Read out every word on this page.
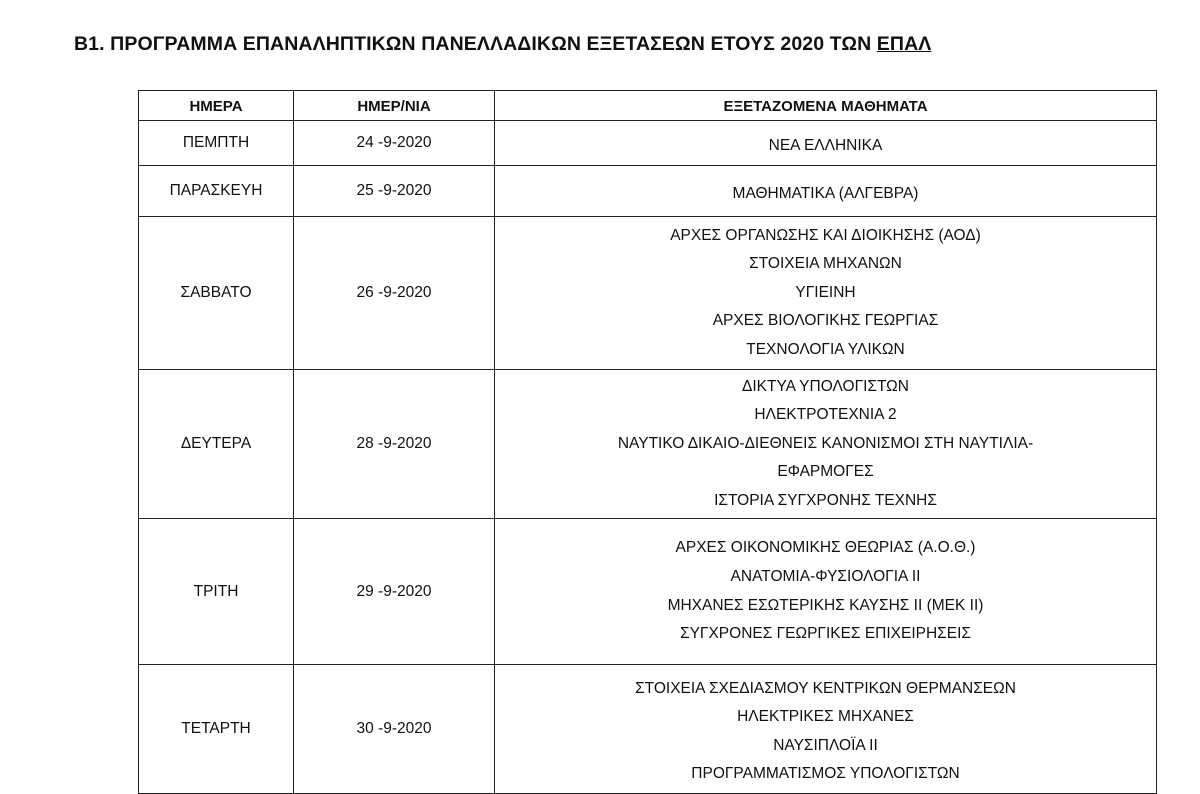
Β1. ΠΡΟΓΡΑΜΜΑ ΕΠΑΝΑΛΗΠΤΙΚΩΝ ΠΑΝΕΛΛΑΔΙΚΩΝ ΕΞΕΤΑΣΕΩΝ ΕΤΟΥΣ 2020 ΤΩΝ ΕΠΑΛ
ΗΜΕΡΑ	ΗΜΕΡ/ΝΙΑ	ΕΞΕΤΑΖΟΜΕΝΑ ΜΑΘΗΜΑΤΑ
ΠΕΜΠΤΗ	24 -9-2020	ΝΕΑ ΕΛΛΗΝΙΚΑ

ΠΑΡΑΣΚΕΥΗ	25 -9-2020	ΜΑΘΗΜΑΤΙΚΑ (ΑΛΓΕΒΡΑ)

ΣΑΒΒΑΤΟ	26 -9-2020	ΑΡΧΕΣ ΟΡΓΑΝΩΣΗΣ ΚΑΙ ΔΙΟΙΚΗΣΗΣ (ΑΟΔ)
ΣΤΟΙΧΕΙΑ ΜΗΧΑΝΩΝ
ΥΓΙΕΙΝΗ
ΑΡΧΕΣ ΒΙΟΛΟΓΙΚΗΣ ΓΕΩΡΓΙΑΣ
ΤΕΧΝΟΛΟΓΙΑ ΥΛΙΚΩΝ

ΔΕΥΤΕΡΑ	28 -9-2020	ΔΙΚΤΥΑ ΥΠΟΛΟΓΙΣΤΩΝ
ΗΛΕΚΤΡΟΤΕΧΝΙΑ 2
ΝΑΥΤΙΚΟ ΔΙΚΑΙΟ-ΔΙΕΘΝΕΙΣ ΚΑΝΟΝΙΣΜΟΙ ΣΤΗ ΝΑΥΤΙΛΙΑ-
ΕΦΑΡΜΟΓΕΣ
ΙΣΤΟΡΙΑ ΣΥΓΧΡΟΝΗΣ ΤΕΧΝΗΣ

ΤΡΙΤΗ	29 -9-2020	ΑΡΧΕΣ ΟΙΚΟΝΟΜΙΚΗΣ ΘΕΩΡΙΑΣ (Α.Ο.Θ.)
ΑΝΑΤΟΜΙΑ-ΦΥΣΙΟΛΟΓΙΑ ΙΙ
ΜΗΧΑΝΕΣ ΕΣΩΤΕΡΙΚΗΣ ΚΑΥΣΗΣ ΙΙ (ΜΕΚ ΙΙ)
ΣΥΓΧΡΟΝΕΣ ΓΕΩΡΓΙΚΕΣ ΕΠΙΧΕΙΡΗΣΕΙΣ

ΤΕΤΑΡΤΗ	30 -9-2020	ΣΤΟΙΧΕΙΑ ΣΧΕΔΙΑΣΜΟΥ ΚΕΝΤΡΙΚΩΝ ΘΕΡΜΑΝΣΕΩΝ
ΗΛΕΚΤΡΙΚΕΣ ΜΗΧΑΝΕΣ
ΝΑΥΣΙΠΛΟΪΑ ΙΙ
ΠΡΟΓΡΑΜΜΑΤΙΣΜΟΣ ΥΠΟΛΟΓΙΣΤΩΝ
